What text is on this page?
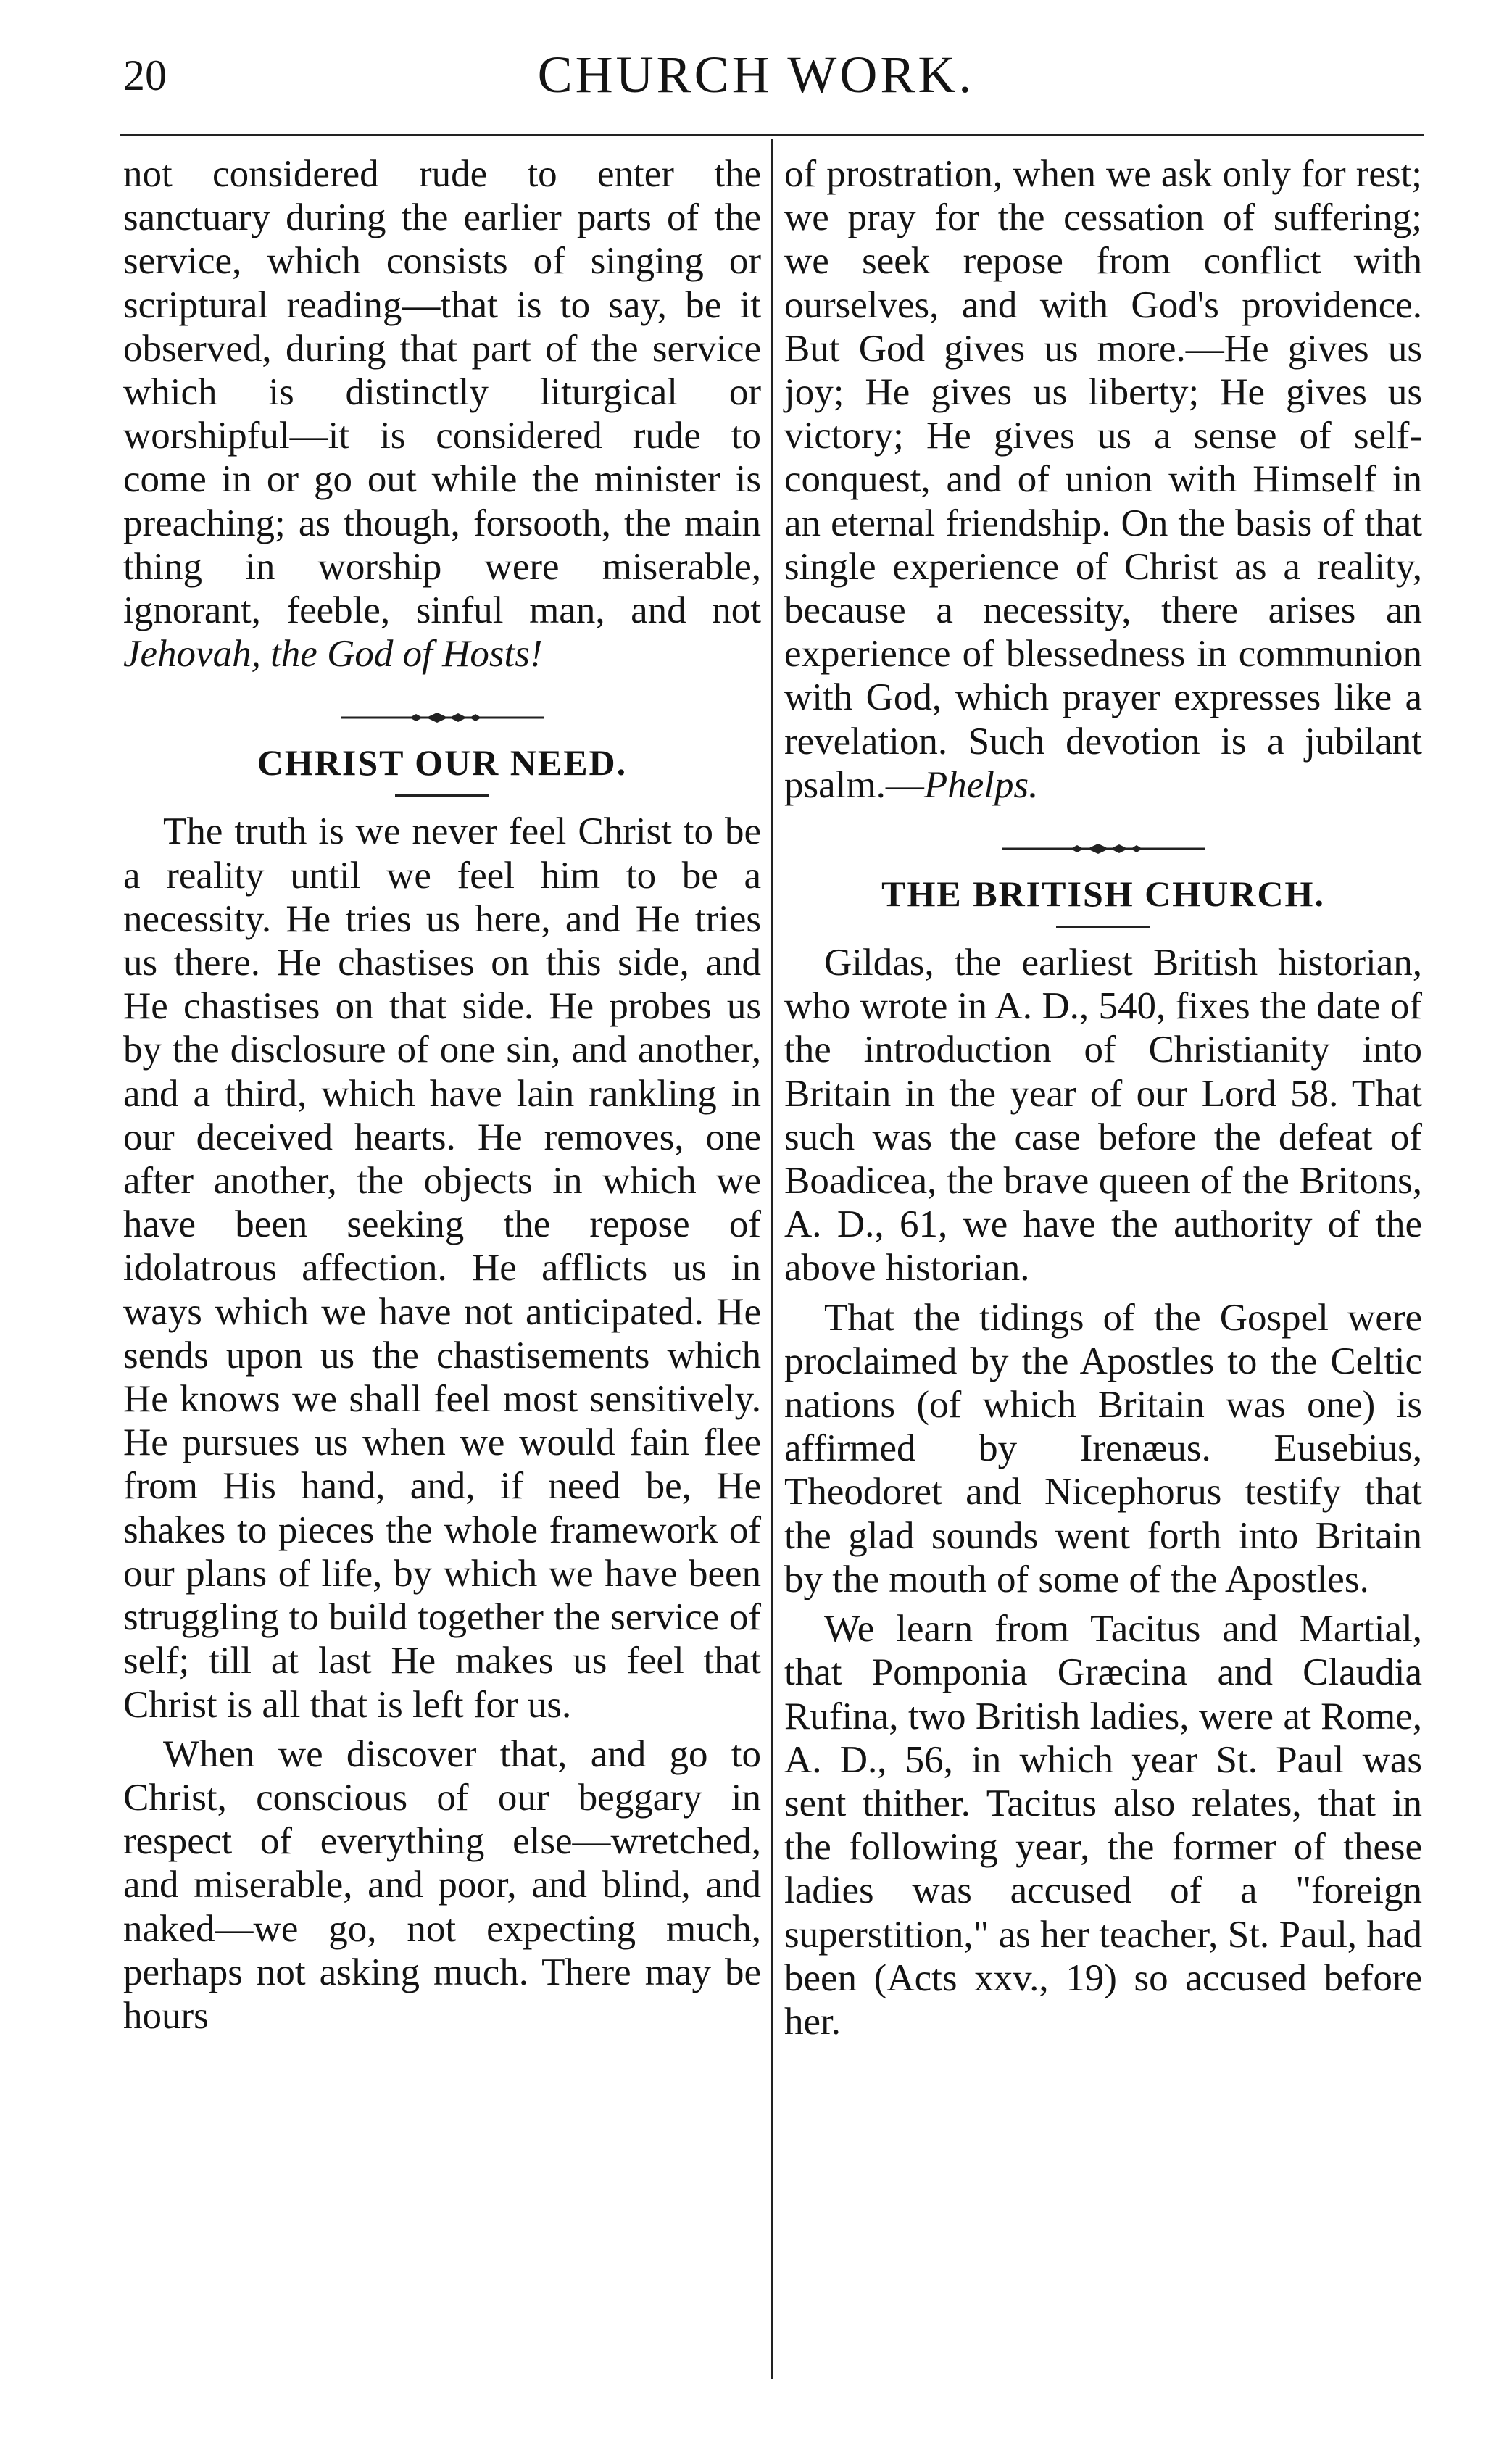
20	CHURCH WORK.

not considered rude to enter the sanctuary during the earlier parts of the service, which consists of singing or scriptural reading—that is to say, be it observed, during that part of the service which is distinctly liturgical or worshipful—it is considered rude to come in or go out while the minister is preaching; as though, forsooth, the main thing in worship were miserable, ignorant, feeble, sinful man, and not Jehovah, the God of Hosts!

CHRIST OUR NEED.

The truth is we never feel Christ to be a reality until we feel him to be a necessity. He tries us here, and He tries us there. He chastises on this side, and He chastises on that side. He probes us by the disclosure of one sin, and another, and a third, which have lain rankling in our deceived hearts. He removes, one after another, the objects in which we have been seeking the repose of idolatrous affection. He afflicts us in ways which we have not anticipated. He sends upon us the chastisements which He knows we shall feel most sensitively. He pursues us when we would fain flee from His hand, and, if need be, He shakes to pieces the whole framework of our plans of life, by which we have been struggling to build together the service of self; till at last He makes us feel that Christ is all that is left for us.

When we discover that, and go to Christ, conscious of our beggary in respect of everything else—wretched, and miserable, and poor, and blind, and naked—we go, not expecting much, perhaps not asking much. There may be hours

of prostration, when we ask only for rest; we pray for the cessation of suffering; we seek repose from conflict with ourselves, and with God's providence. But God gives us more.—He gives us joy; He gives us liberty; He gives us victory; He gives us a sense of self-conquest, and of union with Himself in an eternal friendship. On the basis of that single experience of Christ as a reality, because a necessity, there arises an experience of blessedness in communion with God, which prayer expresses like a revelation. Such devotion is a jubilant psalm.—Phelps.

THE BRITISH CHURCH.

Gildas, the earliest British historian, who wrote in A. D., 540, fixes the date of the introduction of Christianity into Britain in the year of our Lord 58. That such was the case before the defeat of Boadicea, the brave queen of the Britons, A. D., 61, we have the authority of the above historian.

That the tidings of the Gospel were proclaimed by the Apostles to the Celtic nations (of which Britain was one) is affirmed by Irenæus. Eusebius, Theodoret and Nicephorus testify that the glad sounds went forth into Britain by the mouth of some of the Apostles.

We learn from Tacitus and Martial, that Pomponia Græcina and Claudia Rufina, two British ladies, were at Rome, A. D., 56, in which year St. Paul was sent thither. Tacitus also relates, that in the following year, the former of these ladies was accused of a "foreign superstition," as her teacher, St. Paul, had been (Acts xxv., 19) so accused before her.
